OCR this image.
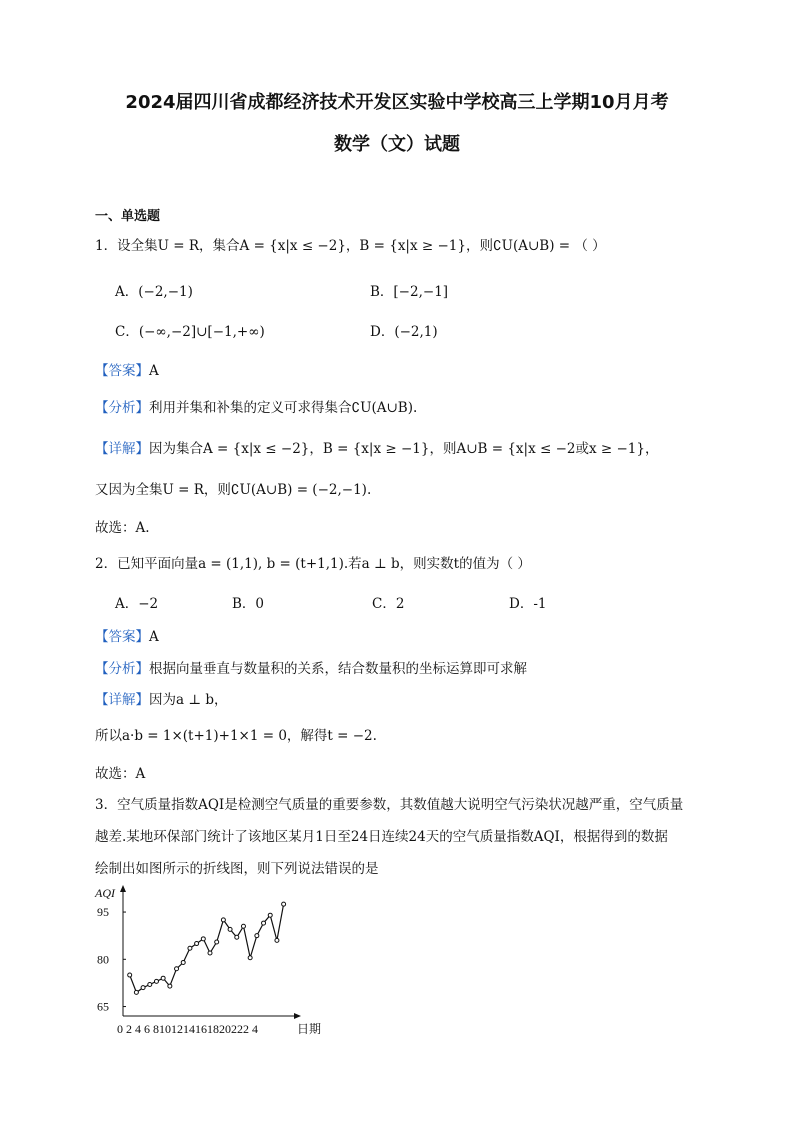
2024届四川省成都经济技术开发区实验中学校高三上学期10月月考
数学（文）试题
一、单选题
1．设全集U = R，集合A = {x|x ≤ −2}，B = {x|x ≥ −1}，则∁U(A∪B) = （ ）
A．(−2,−1)	B．[−2,−1]
C．(−∞,−2]∪[−1,+∞)	D．(−2,1)
【答案】A
【分析】利用并集和补集的定义可求得集合∁U(A∪B).
【详解】因为集合A = {x|x ≤ −2}，B = {x|x ≥ −1}，则A∪B = {x|x ≤ −2或x ≥ −1}，
又因为全集U = R，则∁U(A∪B) = (−2,−1).
故选：A.
2．已知平面向量a = (1,1), b = (t+1,1).若a ⊥ b，则实数t的值为（ ）
A．−2	B．0	C．2	D．-1
【答案】A
【分析】根据向量垂直与数量积的关系，结合数量积的坐标运算即可求解
【详解】因为a ⊥ b，
所以a·b = 1×(t+1)+1×1 = 0，解得t = −2.
故选：A
3．空气质量指数AQI是检测空气质量的重要参数，其数值越大说明空气污染状况越严重，空气质量
越差.某地环保部门统计了该地区某月1日至24日连续24天的空气质量指数AQI，根据得到的数据
绘制出如图所示的折线图，则下列说法错误的是
AQI
0 2 4 6 8101214161820222 4	日期
65
80
95
